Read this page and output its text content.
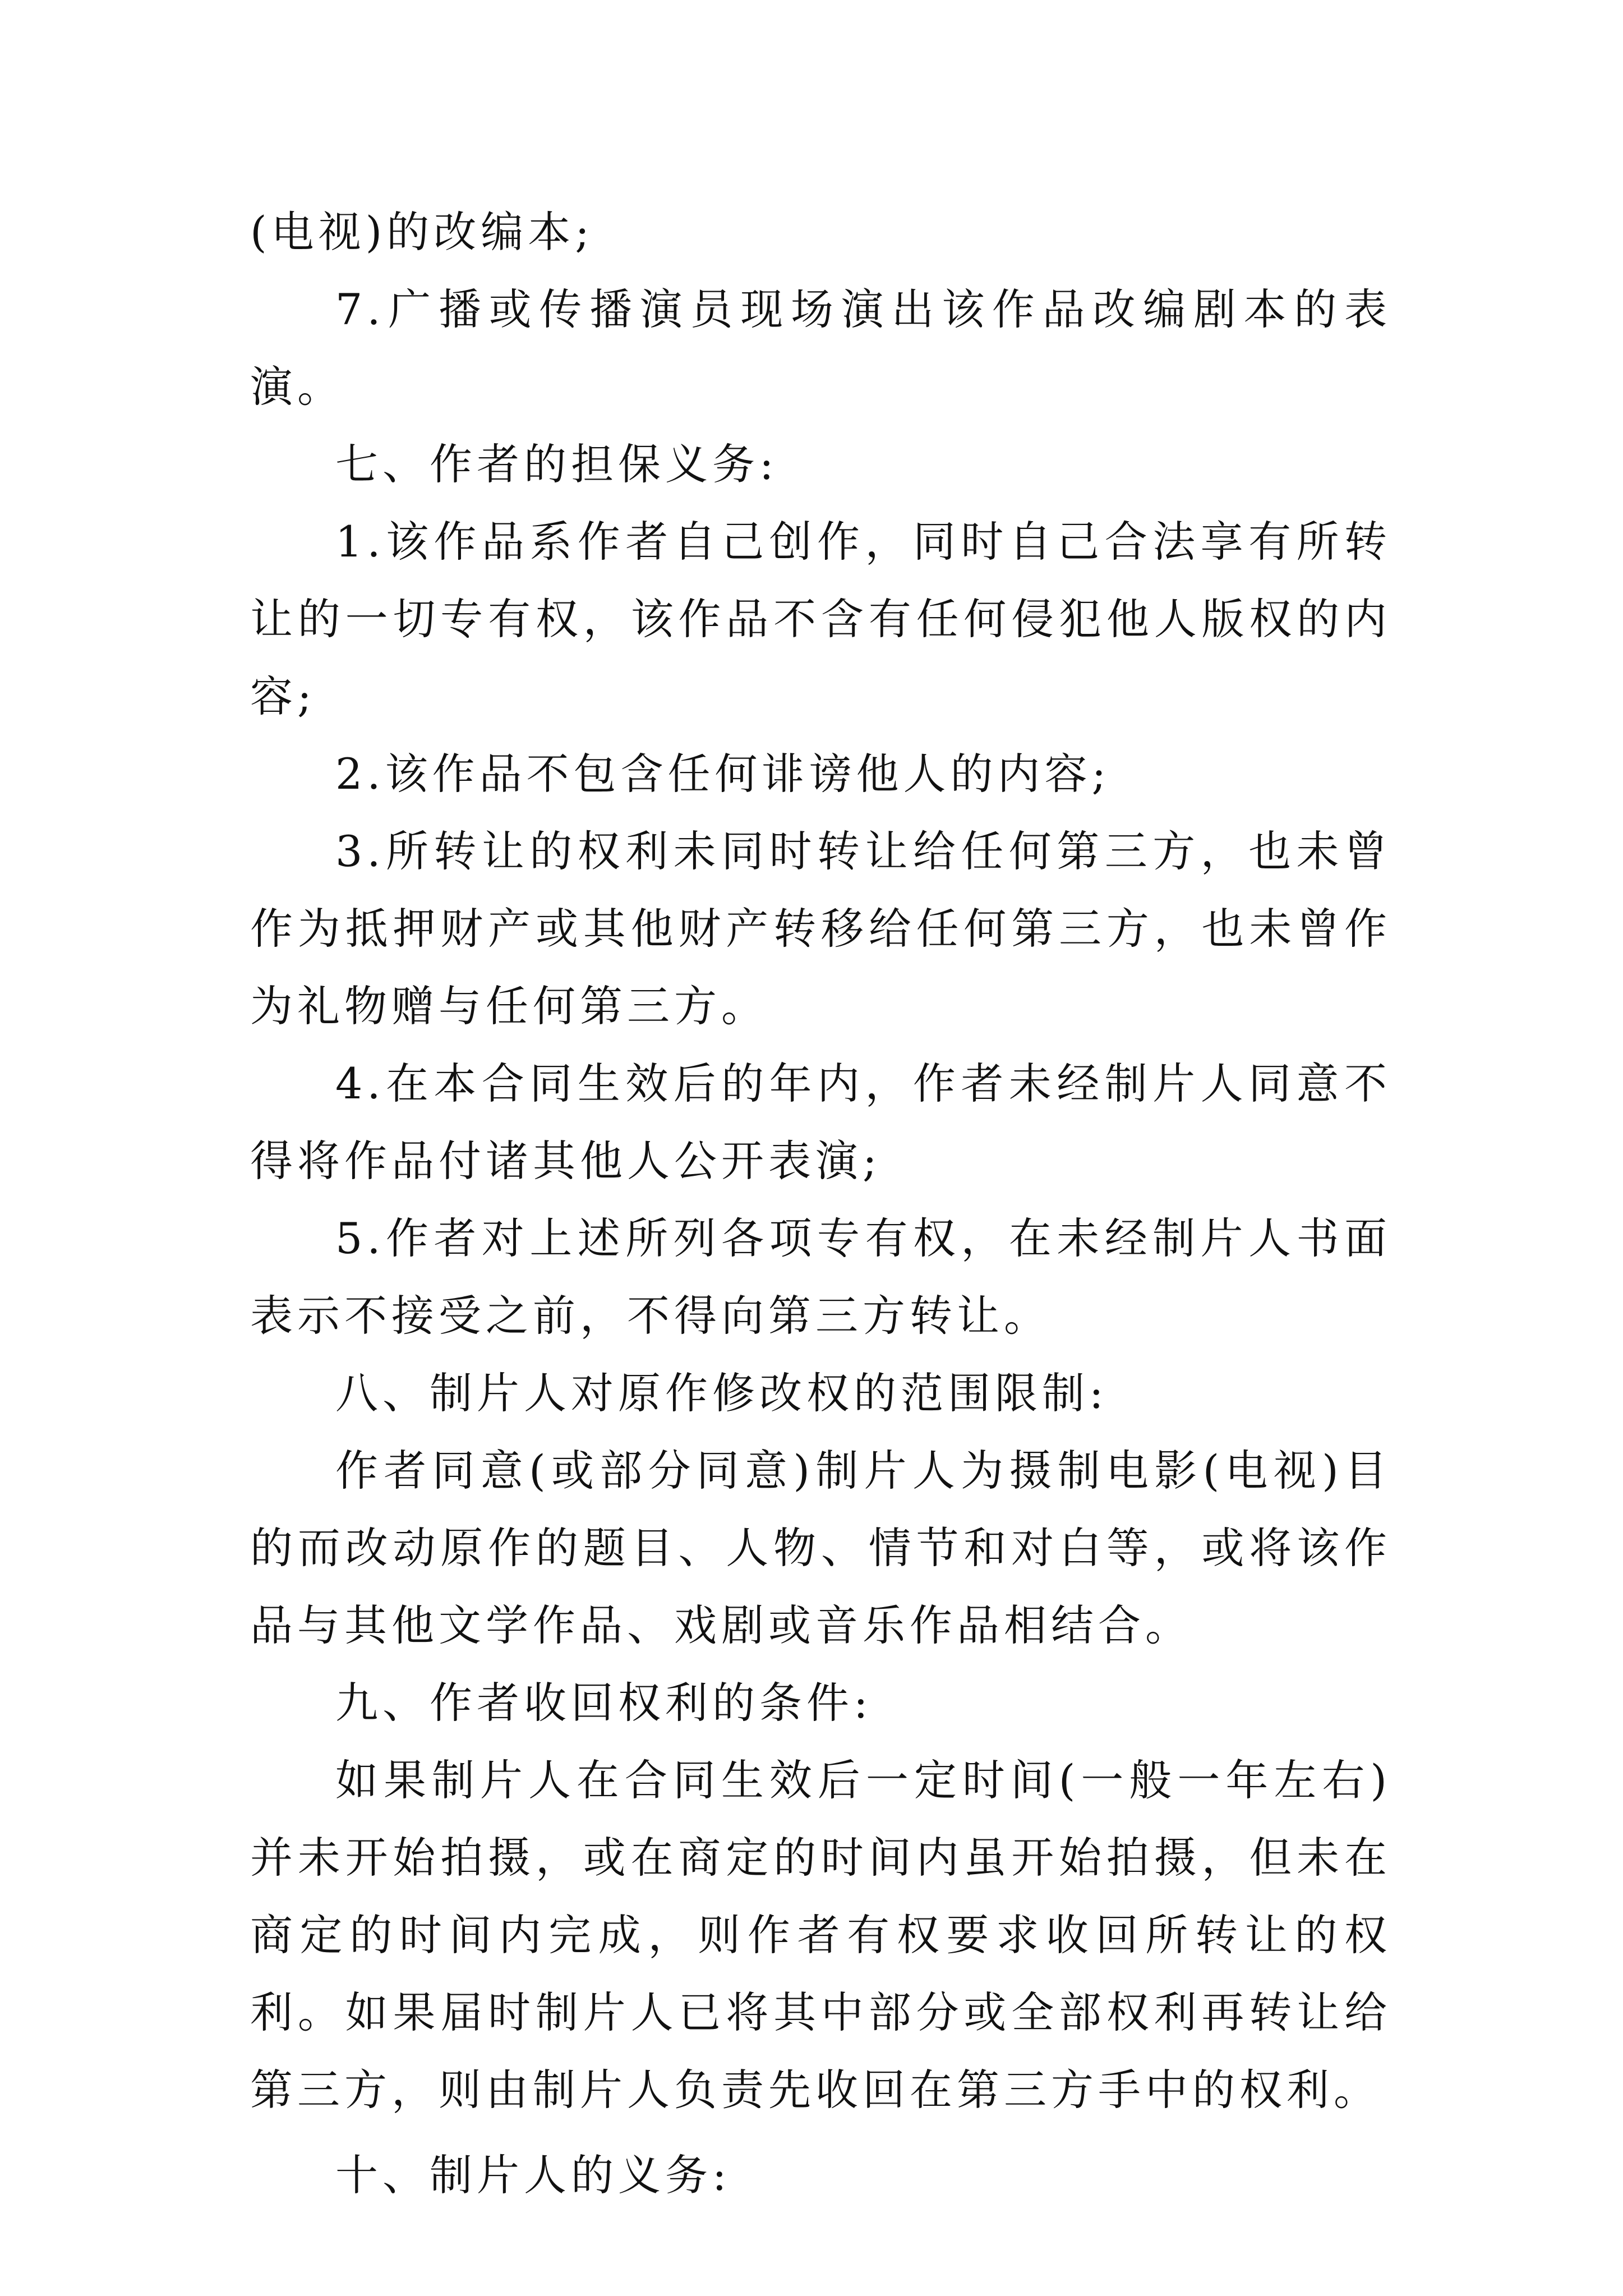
(电视)的改编本;

7.广播或传播演员现场演出该作品改编剧本的表演。

七、作者的担保义务:

1.该作品系作者自己创作，同时自己合法享有所转让的一切专有权，该作品不含有任何侵犯他人版权的内容;

2.该作品不包含任何诽谤他人的内容;

3.所转让的权利未同时转让给任何第三方，也未曾作为抵押财产或其他财产转移给任何第三方，也未曾作为礼物赠与任何第三方。

4.在本合同生效后的年内，作者未经制片人同意不得将作品付诸其他人公开表演;

5.作者对上述所列各项专有权，在未经制片人书面表示不接受之前，不得向第三方转让。

八、制片人对原作修改权的范围限制:

作者同意(或部分同意)制片人为摄制电影(电视)目的而改动原作的题目、人物、情节和对白等，或将该作品与其他文学作品、戏剧或音乐作品相结合。

九、作者收回权利的条件:

如果制片人在合同生效后一定时间(一般一年左右)并未开始拍摄，或在商定的时间内虽开始拍摄，但未在商定的时间内完成，则作者有权要求收回所转让的权利。如果届时制片人已将其中部分或全部权利再转让给第三方，则由制片人负责先收回在第三方手中的权利。

十、制片人的义务:
